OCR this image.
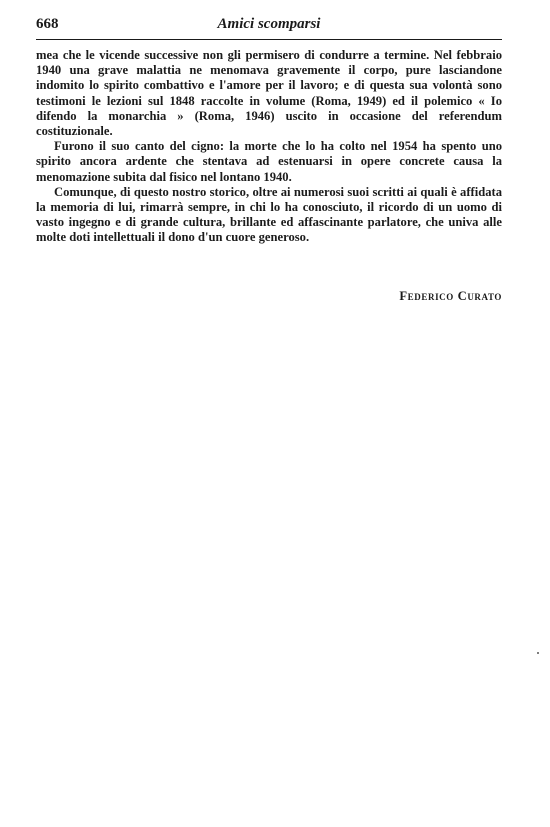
668	Amici scomparsi

mea che le vicende successive non gli permisero di condurre a termine. Nel febbraio 1940 una grave malattia ne menomava gravemente il corpo, pure lasciandone indomito lo spirito combattivo e l'amore per il lavoro; e di questa sua volontà sono testimoni le lezioni sul 1848 raccolte in volume (Roma, 1949) ed il polemico « Io difendo la monarchia » (Roma, 1946) uscito in occasione del referendum costituzionale.

Furono il suo canto del cigno: la morte che lo ha colto nel 1954 ha spento uno spirito ancora ardente che stentava ad estenuarsi in opere concrete causa la menomazione subita dal fisico nel lontano 1940.

Comunque, di questo nostro storico, oltre ai numerosi suoi scritti ai quali è affidata la memoria di lui, rimarrà sempre, in chi lo ha conosciuto, il ricordo di un uomo di vasto ingegno e di grande cultura, brillante ed affascinante parlatore, che univa alle molte doti intellettuali il dono d'un cuore generoso.

Federico Curato
